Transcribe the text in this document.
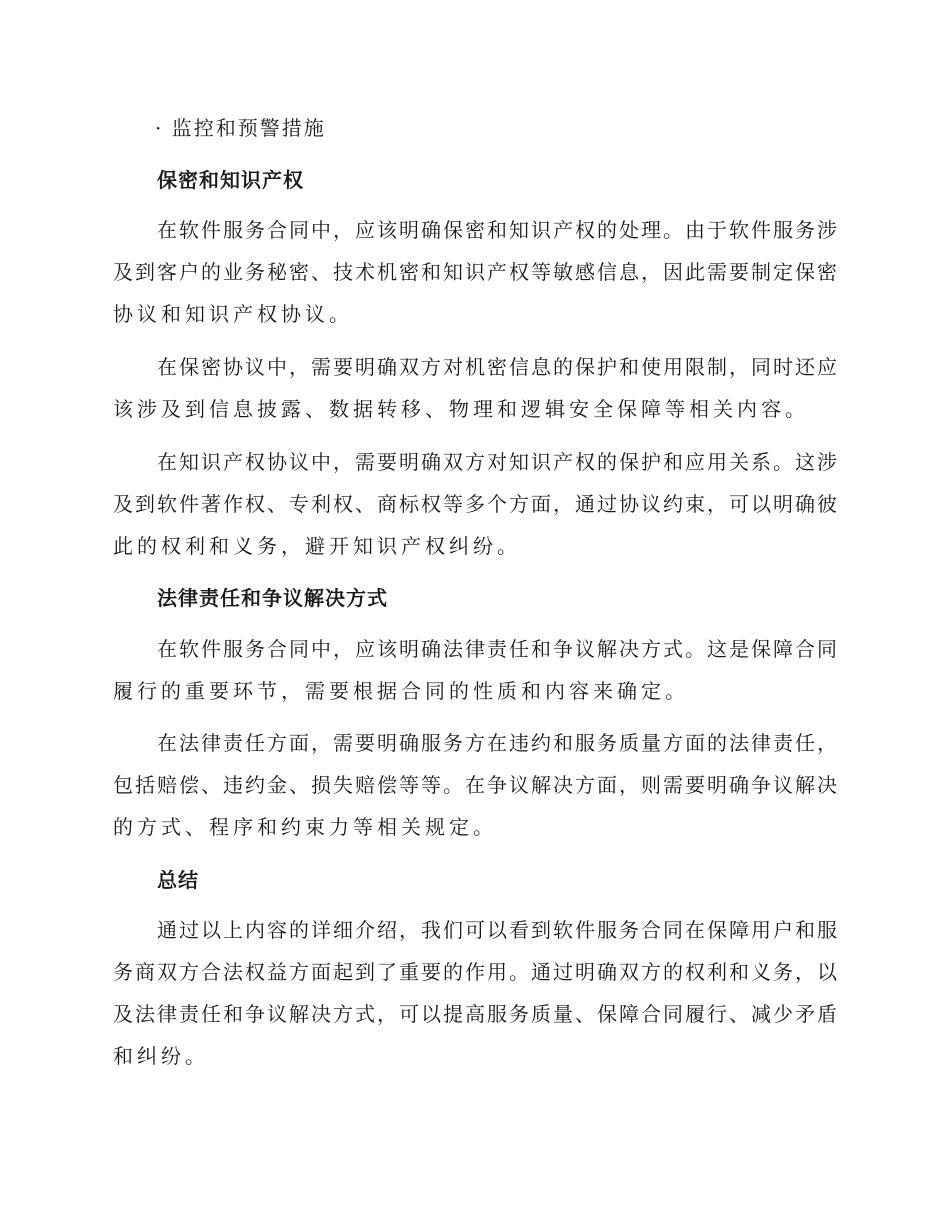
· 监控和预警措施
保密和知识产权
在软件服务合同中，应该明确保密和知识产权的处理。由于软件服务涉
及到客户的业务秘密、技术机密和知识产权等敏感信息，因此需要制定保密
协议和知识产权协议。
在保密协议中，需要明确双方对机密信息的保护和使用限制，同时还应
该涉及到信息披露、数据转移、物理和逻辑安全保障等相关内容。
在知识产权协议中，需要明确双方对知识产权的保护和应用关系。这涉
及到软件著作权、专利权、商标权等多个方面，通过协议约束，可以明确彼
此的权利和义务，避开知识产权纠纷。
法律责任和争议解决方式
在软件服务合同中，应该明确法律责任和争议解决方式。这是保障合同
履行的重要环节，需要根据合同的性质和内容来确定。
在法律责任方面，需要明确服务方在违约和服务质量方面的法律责任，
包括赔偿、违约金、损失赔偿等等。在争议解决方面，则需要明确争议解决
的方式、程序和约束力等相关规定。
总结
通过以上内容的详细介绍，我们可以看到软件服务合同在保障用户和服
务商双方合法权益方面起到了重要的作用。通过明确双方的权利和义务，以
及法律责任和争议解决方式，可以提高服务质量、保障合同履行、减少矛盾
和纠纷。
